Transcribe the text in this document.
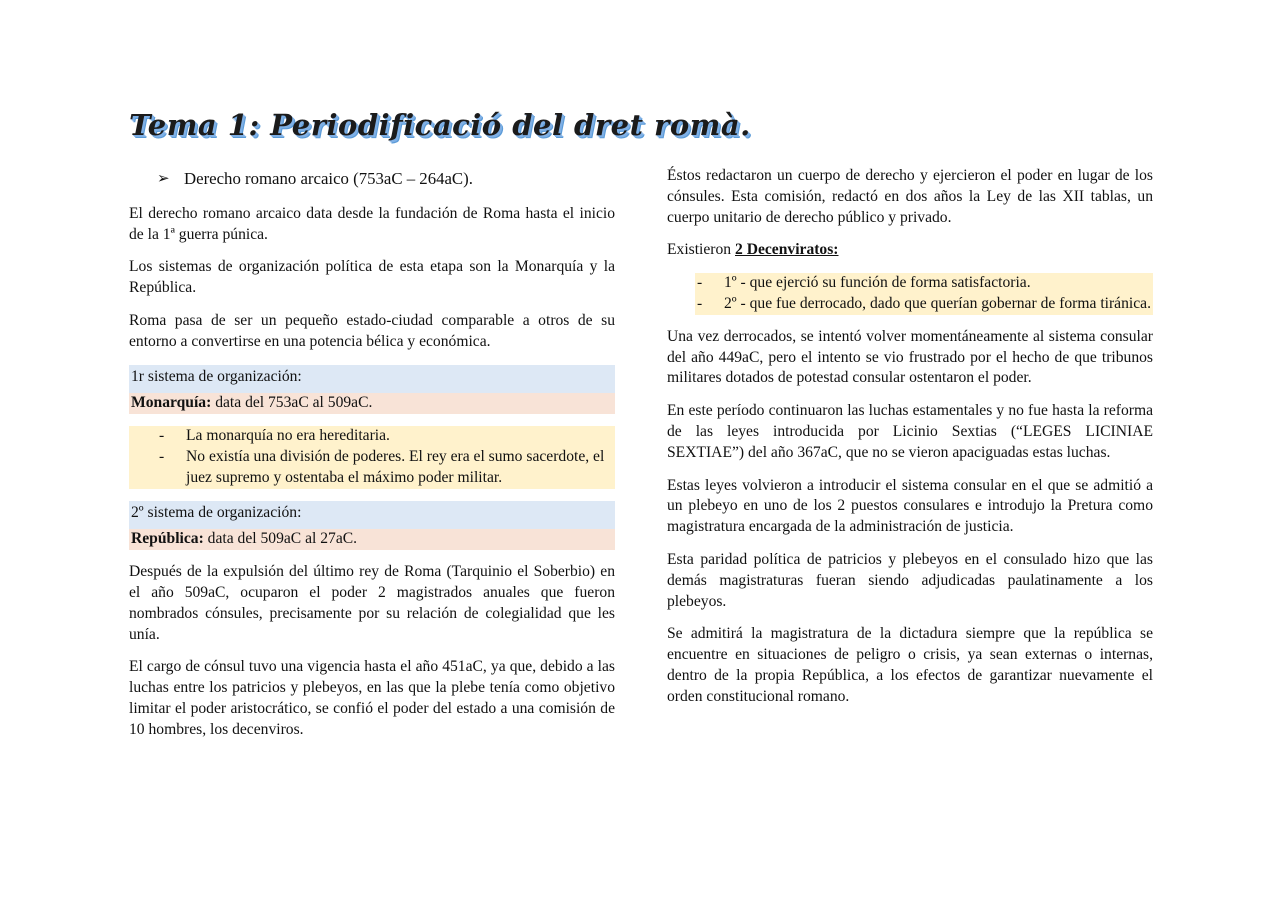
Tema 1: Periodificació del dret romà.
➢ Derecho romano arcaico (753aC – 264aC).

El derecho romano arcaico data desde la fundación de Roma hasta el inicio de la 1ª guerra púnica.

Los sistemas de organización política de esta etapa son la Monarquía y la República.

Roma pasa de ser un pequeño estado-ciudad comparable a otros de su entorno a convertirse en una potencia bélica y económica.

1r sistema de organización:

Monarquía: data del 753aC al 509aC.

- La monarquía no era hereditaria.
- No existía una división de poderes. El rey era el sumo sacerdote, el juez supremo y ostentaba el máximo poder militar.

2º sistema de organización:

República: data del 509aC al 27aC.

Después de la expulsión del último rey de Roma (Tarquinio el Soberbio) en el año 509aC, ocuparon el poder 2 magistrados anuales que fueron nombrados cónsules, precisamente por su relación de colegialidad que les unía.

El cargo de cónsul tuvo una vigencia hasta el año 451aC, ya que, debido a las luchas entre los patricios y plebeyos, en las que la plebe tenía como objetivo limitar el poder aristocrático, se confió el poder del estado a una comisión de 10 hombres, los decenviros.

Éstos redactaron un cuerpo de derecho y ejercieron el poder en lugar de los cónsules. Esta comisión, redactó en dos años la Ley de las XII tablas, un cuerpo unitario de derecho público y privado.

Existieron 2 Decenviratos:

- 1º - que ejerció su función de forma satisfactoria.
- 2º - que fue derrocado, dado que querían gobernar de forma tiránica.

Una vez derrocados, se intentó volver momentáneamente al sistema consular del año 449aC, pero el intento se vio frustrado por el hecho de que tribunos militares dotados de potestad consular ostentaron el poder.

En este período continuaron las luchas estamentales y no fue hasta la reforma de las leyes introducida por Licinio Sextias (“LEGES LICINIAE SEXTIAE”) del año 367aC, que no se vieron apaciguadas estas luchas.

Estas leyes volvieron a introducir el sistema consular en el que se admitió a un plebeyo en uno de los 2 puestos consulares e introdujo la Pretura como magistratura encargada de la administración de justicia.

Esta paridad política de patricios y plebeyos en el consulado hizo que las demás magistraturas fueran siendo adjudicadas paulatinamente a los plebeyos.

Se admitirá la magistratura de la dictadura siempre que la república se encuentre en situaciones de peligro o crisis, ya sean externas o internas, dentro de la propia República, a los efectos de garantizar nuevamente el orden constitucional romano.
